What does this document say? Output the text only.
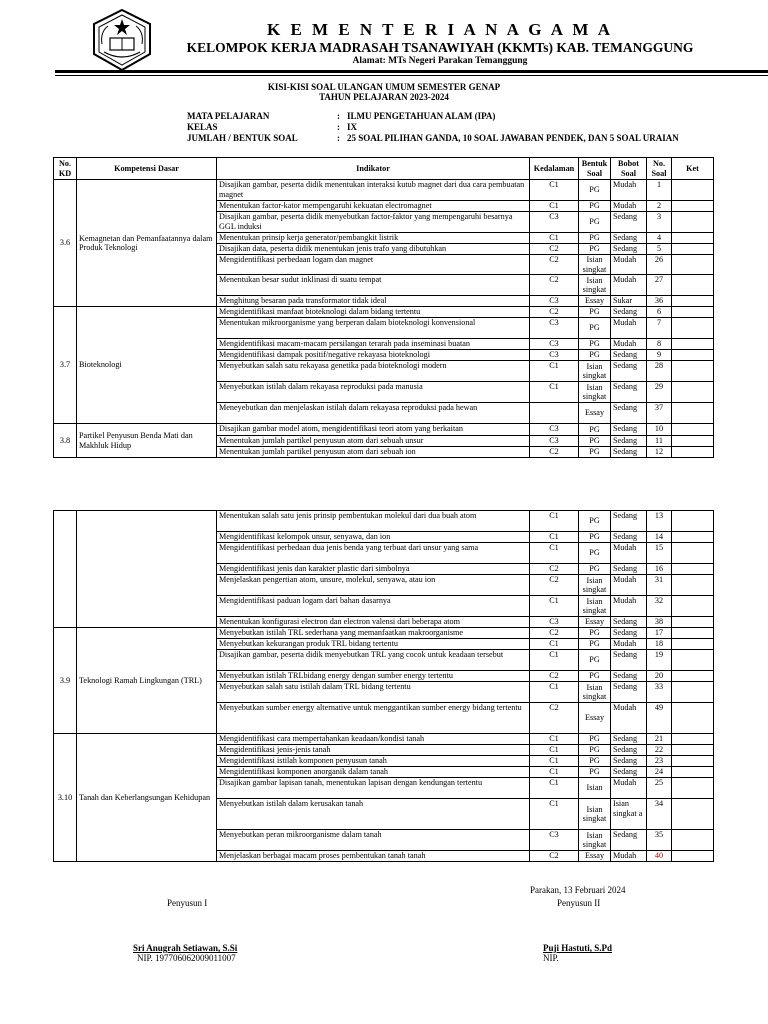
K E M E N T E R I A N A G A M A
KELOMPOK KERJA MADRASAH TSANAWIYAH (KKMTs) KAB. TEMANGGUNG
Alamat: MTs Negeri Parakan Temanggung
KISI-KISI SOAL ULANGAN UMUM SEMESTER GENAP
TAHUN PELAJARAN 2023-2024
MATA PELAJARAN	: ILMU PENGETAHUAN ALAM (IPA)
KELAS	: IX
JUMLAH / BENTUK SOAL	: 25 SOAL PILIHAN GANDA, 10 SOAL JAWABAN PENDEK, DAN 5 SOAL URAIAN
No. KD	Kompetensi Dasar	Indikator	Kedalaman	Bentuk Soal	Bobot Soal	No. Soal	Ket
3.6	Kemagnetan dan Pemanfaatannya dalam Produk Teknologi	Disajikan gambar, peserta didik menentukan interaksi kutub magnet dari dua cara pembuatan magnet	C1	PG	Mudah	1	
		Menentukan factor-kator mempengaruhi kekuatan electromagnet	C1	PG	Mudah	2	
		Disajikan gambar, peserta didik menyebutkan factor-faktor yang mempengaruhi besarnya GGL induksi	C3	PG	Sedang	3	
		Menentukan prinsip kerja generator/pembangkit listrik	C1	PG	Sedang	4	
		Disajikan data, peserta didik menentukan jenis trafo yang dibutuhkan	C2	PG	Sedang	5	
		Mengidentifikasi perbedaan logam dan magnet	C2	Isian singkat	Mudah	26	
		Menentukan besar sudut inklinasi di suatu tempat	C2	Isian singkat	Mudah	27	
		Menghitung besaran pada transformator tidak ideal	C3	Essay	Sukar	36	
3.7	Bioteknologi	Mengidentifikasi manfaat bioteknologi dalam bidang tertentu	C2	PG	Sedang	6	
		Menentukan mikroorganisme yang berperan dalam bioteknologi konvensional	C3	PG	Mudah	7	
		Mengidentifikasi macam-macam persilangan terarah pada inseminasi buatan	C3	PG	Mudah	8	
		Mengidentifikasi dampak positif/negative rekayasa bioteknologi	C3	PG	Sedang	9	
		Menyebutkan salah satu rekayasa genetika pada bioteknologi modern	C1	Isian singkat	Sedang	28	
		Menyebutkan istilah dalam rekayasa reproduksi pada manusia	C1	Isian singkat	Sedang	29	
		Meneyebutkan dan menjelaskan istilah dalam rekayasa reproduksi pada hewan		Essay	Sedang	37	
3.8	Partikel Penyusun Benda Mati dan Makhluk Hidup	Disajikan gambar model atom, mengidentifikasi teori atom yang berkaitan	C3	PG	Sedang	10	
		Menentukan jumlah partikel penyusun atom dari sebuah unsur	C3	PG	Sedang	11	
		Menentukan jumlah partikel penyusun atom dari sebuah ion	C2	PG	Sedang	12	
		Menentukan salah satu jenis prinsip pembentukan molekul dari dua buah atom	C1	PG	Sedang	13	
		Mengidentifikasi kelompok unsur, senyawa, dan ion	C1	PG	Sedang	14	
		Mengidentifikasi perbedaan dua jenis benda yang terbuat dari unsur yang sama	C1	PG	Mudah	15	
		Mengidentifikasi jenis dan karakter plastic dari simbolnya	C2	PG	Sedang	16	
		Menjelaskan pengertian atom, unsure, molekul, senyawa, atau ion	C2	Isian singkat	Mudah	31	
		Mengidentifikasi paduan logam dari bahan dasarnya	C1	Isian singkat	Mudah	32	
		Menentukan konfigurasi electron dan electron valensi dari beberapa atom	C3	Essay	Sedang	38	
3.9	Teknologi Ramah Lingkungan (TRL)	Menyebutkan istilah TRL sederhana yang memanfaatkan makroorganisme	C2	PG	Sedang	17	
		Menyebutkan kekurangan produk TRL bidang tertentu	C1	PG	Mudah	18	
		Disajikan gambar, peserta didik menyebutkan TRL yang cocok untuk keadaan tersebut	C1	PG	Sedang	19	
		Menyebutkan istilah TRLbidang energy dengan sumber energy tertentu	C2	PG	Sedang	20	
		Menyebutkan salah satu istilah dalam TRL bidang tertentu	C1	Isian singkat	Sedang	33	
		Menyebutkan sumber energy alternative untuk menggantikan sumber energy bidang tertentu	C2	Essay	Mudah	49	
3.10	Tanah dan Keberlangsungan Kehidupan	Mengidentifikasi cara mempertahankan keadaan/kondisi tanah	C1	PG	Sedang	21	
		Mengidentifikasi jenis-jenis tanah	C1	PG	Sedang	22	
		Mengidentifikasi istilah komponen penyusun tanah	C1	PG	Sedang	23	
		Mengidentifikasi komponen anorganik dalam tanah	C1	PG	Sedang	24	
		Disajikan gambar lapisan tanah, menentukan lapisan dengan kendungan tertentu	C1	Isian	Mudah	25	
		Menyebutkan istilah dalam kerusakan tanah	C1	Isian singkat	Isian singkat a	34	
		Menyebutkan peran mikroorganisme dalam tanah	C3	Isian singkat	Sedang	35	
		Menjelaskan berbagai macam proses pembentukan tanah tanah	C2	Essay	Mudah	40	
Parakan, 13 Februari 2024
Penyusun I	Penyusun II
Sri Anugrah Setiawan, S.Si
NIP. 197706062009011007
Puji Hastuti, S.Pd
NIP.
